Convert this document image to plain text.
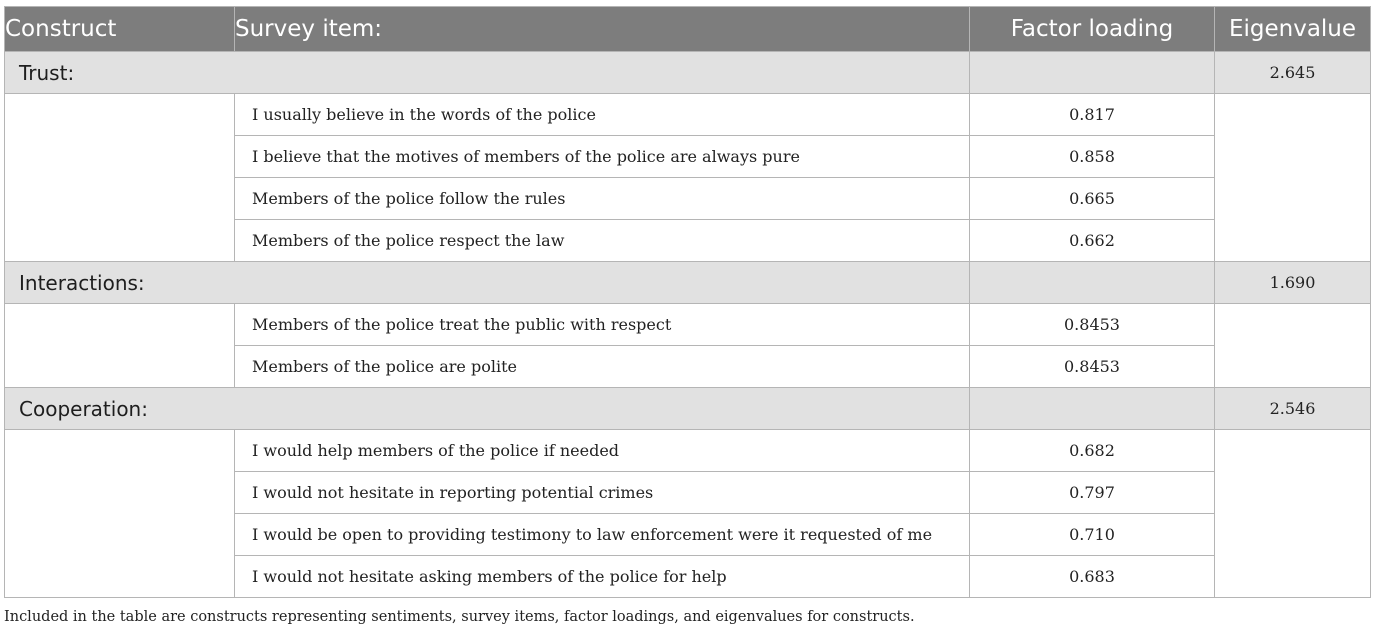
Construct	Survey item:	Factor loading	Eigenvalue
Trust:			2.645
	I usually believe in the words of the police	0.817	
	I believe that the motives of members of the police are always pure	0.858	
	Members of the police follow the rules	0.665	
	Members of the police respect the law	0.662	
Interactions:			1.690
	Members of the police treat the public with respect	0.8453	
	Members of the police are polite	0.8453	
Cooperation:			2.546
	I would help members of the police if needed	0.682	
	I would not hesitate in reporting potential crimes	0.797	
	I would be open to providing testimony to law enforcement were it requested of me	0.710	
	I would not hesitate asking members of the police for help	0.683	

Included in the table are constructs representing sentiments, survey items, factor loadings, and eigenvalues for constructs.
